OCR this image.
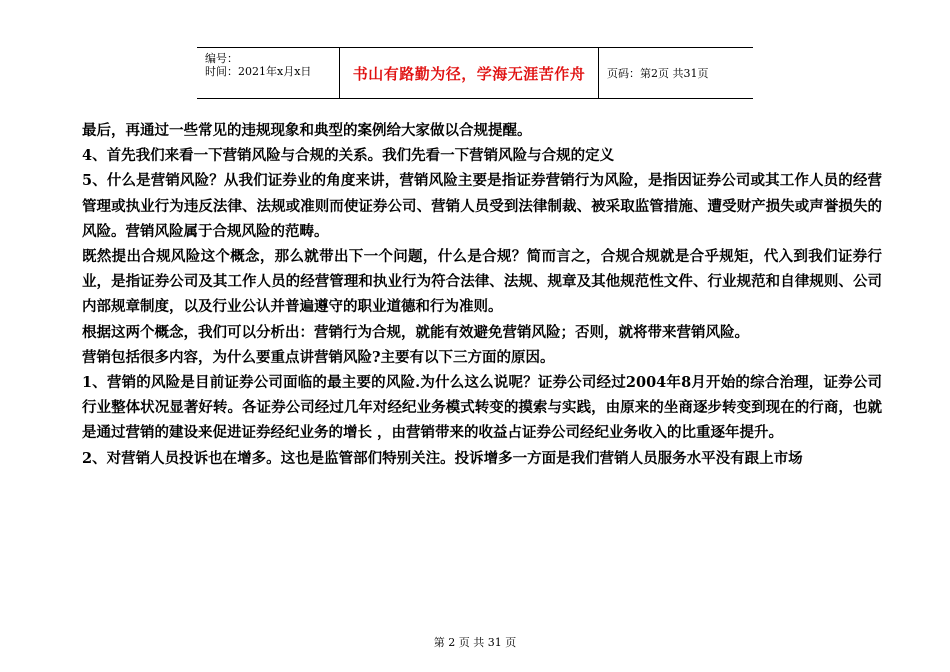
编号：
时间：2021年x月x日	书山有路勤为径，学海无涯苦作舟	页码：第2页 共31页

最后，再通过一些常见的违规现象和典型的案例给大家做以合规提醒。

4、首先我们来看一下营销风险与合规的关系。我们先看一下营销风险与合规的定义

5、什么是营销风险？从我们证券业的角度来讲，营销风险主要是指证券营销行为风险，是指因证券公司或其工作人员的经营管理或执业行为违反法律、法规或准则而使证券公司、营销人员受到法律制裁、被采取监管措施、遭受财产损失或声誉损失的风险。营销风险属于合规风险的范畴。

既然提出合规风险这个概念，那么就带出下一个问题，什么是合规？简而言之，合规合规就是合乎规矩，代入到我们证券行业，是指证券公司及其工作人员的经营管理和执业行为符合法律、法规、规章及其他规范性文件、行业规范和自律规则、公司内部规章制度，以及行业公认并普遍遵守的职业道德和行为准则。

根据这两个概念，我们可以分析出：营销行为合规，就能有效避免营销风险；否则，就将带来营销风险。

营销包括很多内容，为什么要重点讲营销风险?主要有以下三方面的原因。

1、营销的风险是目前证券公司面临的最主要的风险.为什么这么说呢？证券公司经过2004年8月开始的综合治理，证券公司行业整体状况显著好转。各证券公司经过几年对经纪业务模式转变的摸索与实践，由原来的坐商逐步转变到现在的行商，也就是通过营销的建设来促进证券经纪业务的增长 ，由营销带来的收益占证券公司经纪业务收入的比重逐年提升。

2、对营销人员投诉也在增多。这也是监管部们特别关注。投诉增多一方面是我们营销人员服务水平没有跟上市场

第 2 页 共 31 页
